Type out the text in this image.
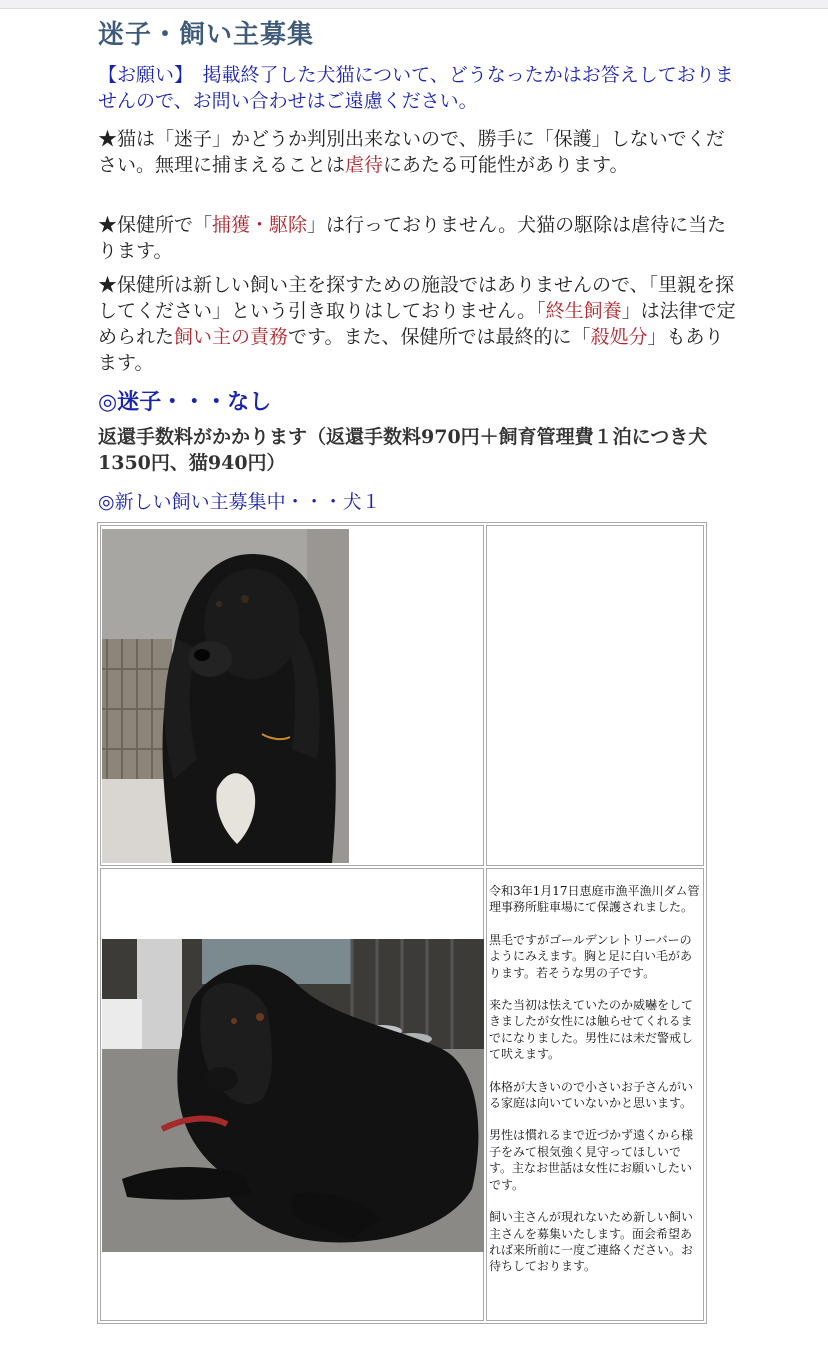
迷子・飼い主募集
【お願い】　掲載終了した犬猫について、どうなったかはお答えしておりませんので、お問い合わせはご遠慮ください。
★猫は「迷子」かどうか判別出来ないので、勝手に「保護」しないでください。無理に捕まえることは虐待にあたる可能性があります。
★保健所で「捕獲・駆除」は行っておりません。犬猫の駆除は虐待に当たります。
★保健所は新しい飼い主を探すための施設ではありませんので、「里親を探してください」という引き取りはしておりません。「終生飼養」は法律で定められた飼い主の責務です。また、保健所では最終的に「殺処分」もあります。
◎迷子・・・なし
返還手数料がかかります（返還手数料970円＋飼育管理費１泊につき犬1350円、猫940円）
◎新しい飼い主募集中・・・犬１

令和3年1月17日恵庭市漁平漁川ダム管理事務所駐車場にて保護されました。

黒毛ですがゴールデンレトリーバーのようにみえます。胸と足に白い毛があります。若そうな男の子です。

来た当初は怯えていたのか威嚇をしてきましたが女性には触らせてくれるまでになりました。男性には未だ警戒して吠えます。

体格が大きいので小さいお子さんがいる家庭は向いていないかと思います。

男性は慣れるまで近づかず遠くから様子をみて根気強く見守ってほしいです。主なお世話は女性にお願いしたいです。

飼い主さんが現れないため新しい飼い主さんを募集いたします。面会希望あれば来所前に一度ご連絡ください。お待ちしております。
